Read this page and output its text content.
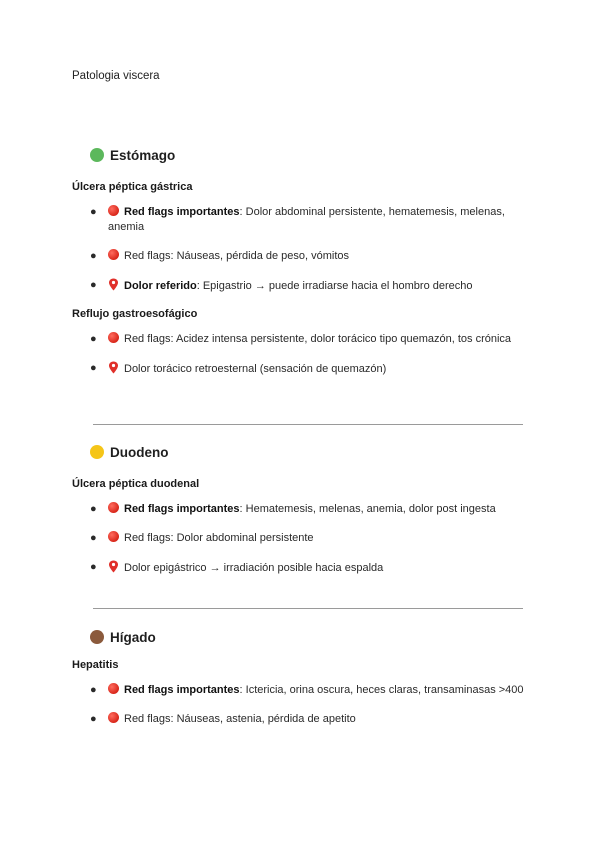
Patologia viscera
Estómago
Úlcera péptica gástrica
● Red flags importantes: Dolor abdominal persistente, hematemesis, melenas, anemia
● Red flags: Náuseas, pérdida de peso, vómitos
● Dolor referido: Epigastrio → puede irradiarse hacia el hombro derecho
Reflujo gastroesofágico
● Red flags: Acidez intensa persistente, dolor torácico tipo quemazón, tos crónica
● Dolor torácico retroesternal (sensación de quemazón)
Duodeno
Úlcera péptica duodenal
● Red flags importantes: Hematemesis, melenas, anemia, dolor post ingesta
● Red flags: Dolor abdominal persistente
● Dolor epigástrico → irradiación posible hacia espalda
Hígado
Hepatitis
● Red flags importantes: Ictericia, orina oscura, heces claras, transaminasas >400
● Red flags: Náuseas, astenia, pérdida de apetito
